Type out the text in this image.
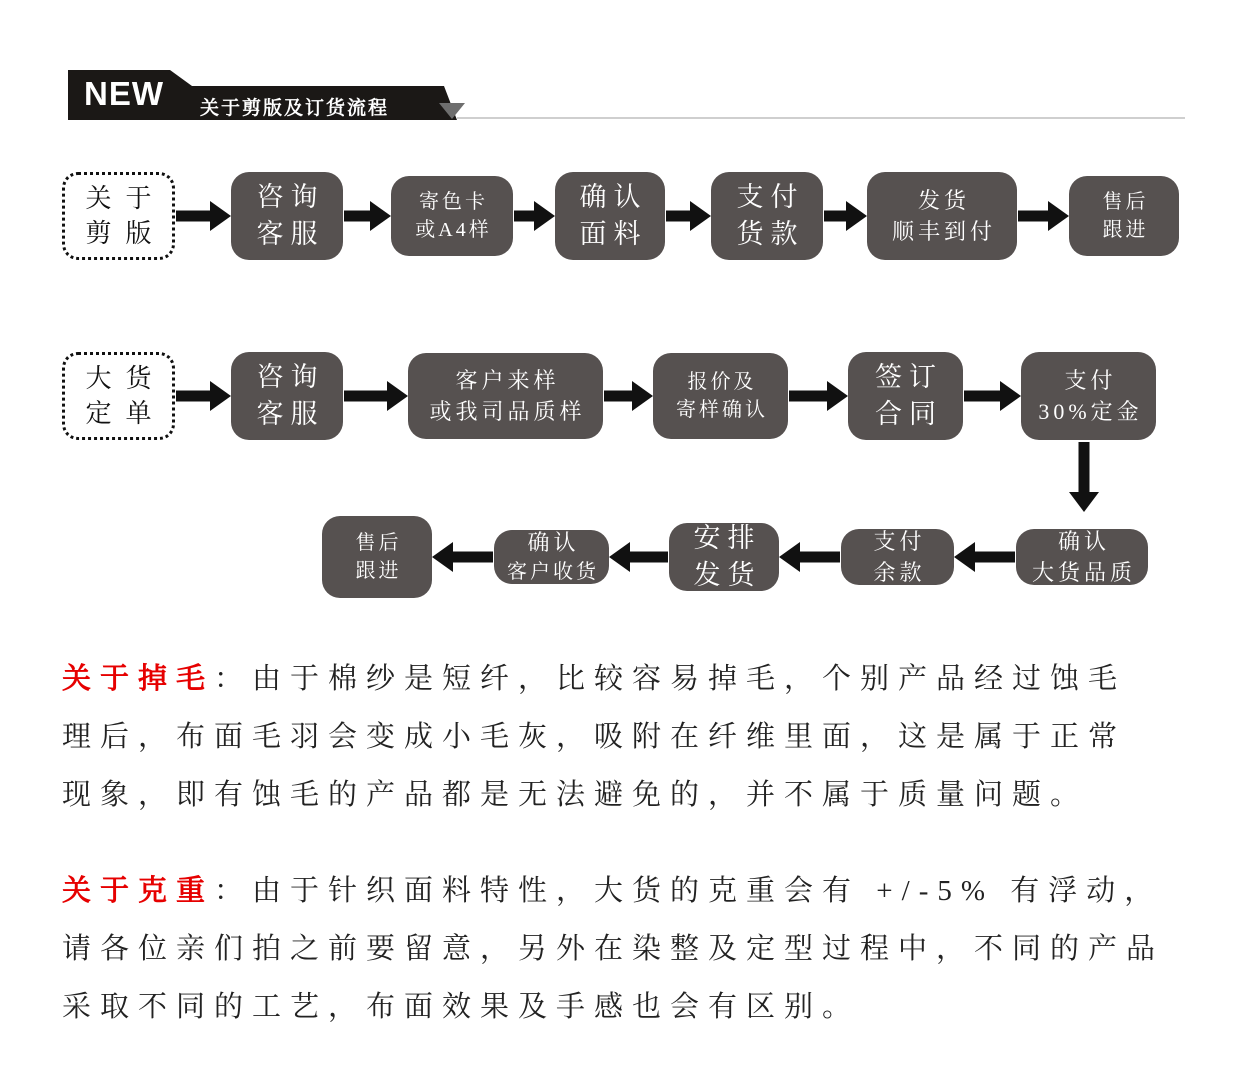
NEW 关于剪版及订货流程
关于
剪版
咨询
客服
寄色卡
或A4样
确认
面料
支付
货款
发货
顺丰到付
售后
跟进
大货
定单
咨询
客服
客户来样
或我司品质样
报价及
寄样确认
签订
合同
支付
30%定金
售后
跟进
确认
客户收货
安排
发货
支付
余款
确认
大货品质
关于掉毛：由于棉纱是短纤，比较容易掉毛，个别产品经过蚀毛
理后，布面毛羽会变成小毛灰，吸附在纤维里面，这是属于正常
现象，即有蚀毛的产品都是无法避免的，并不属于质量问题。
关于克重：由于针织面料特性，大货的克重会有 +/-5% 有浮动，
请各位亲们拍之前要留意，另外在染整及定型过程中，不同的产品
采取不同的工艺，布面效果及手感也会有区别。
